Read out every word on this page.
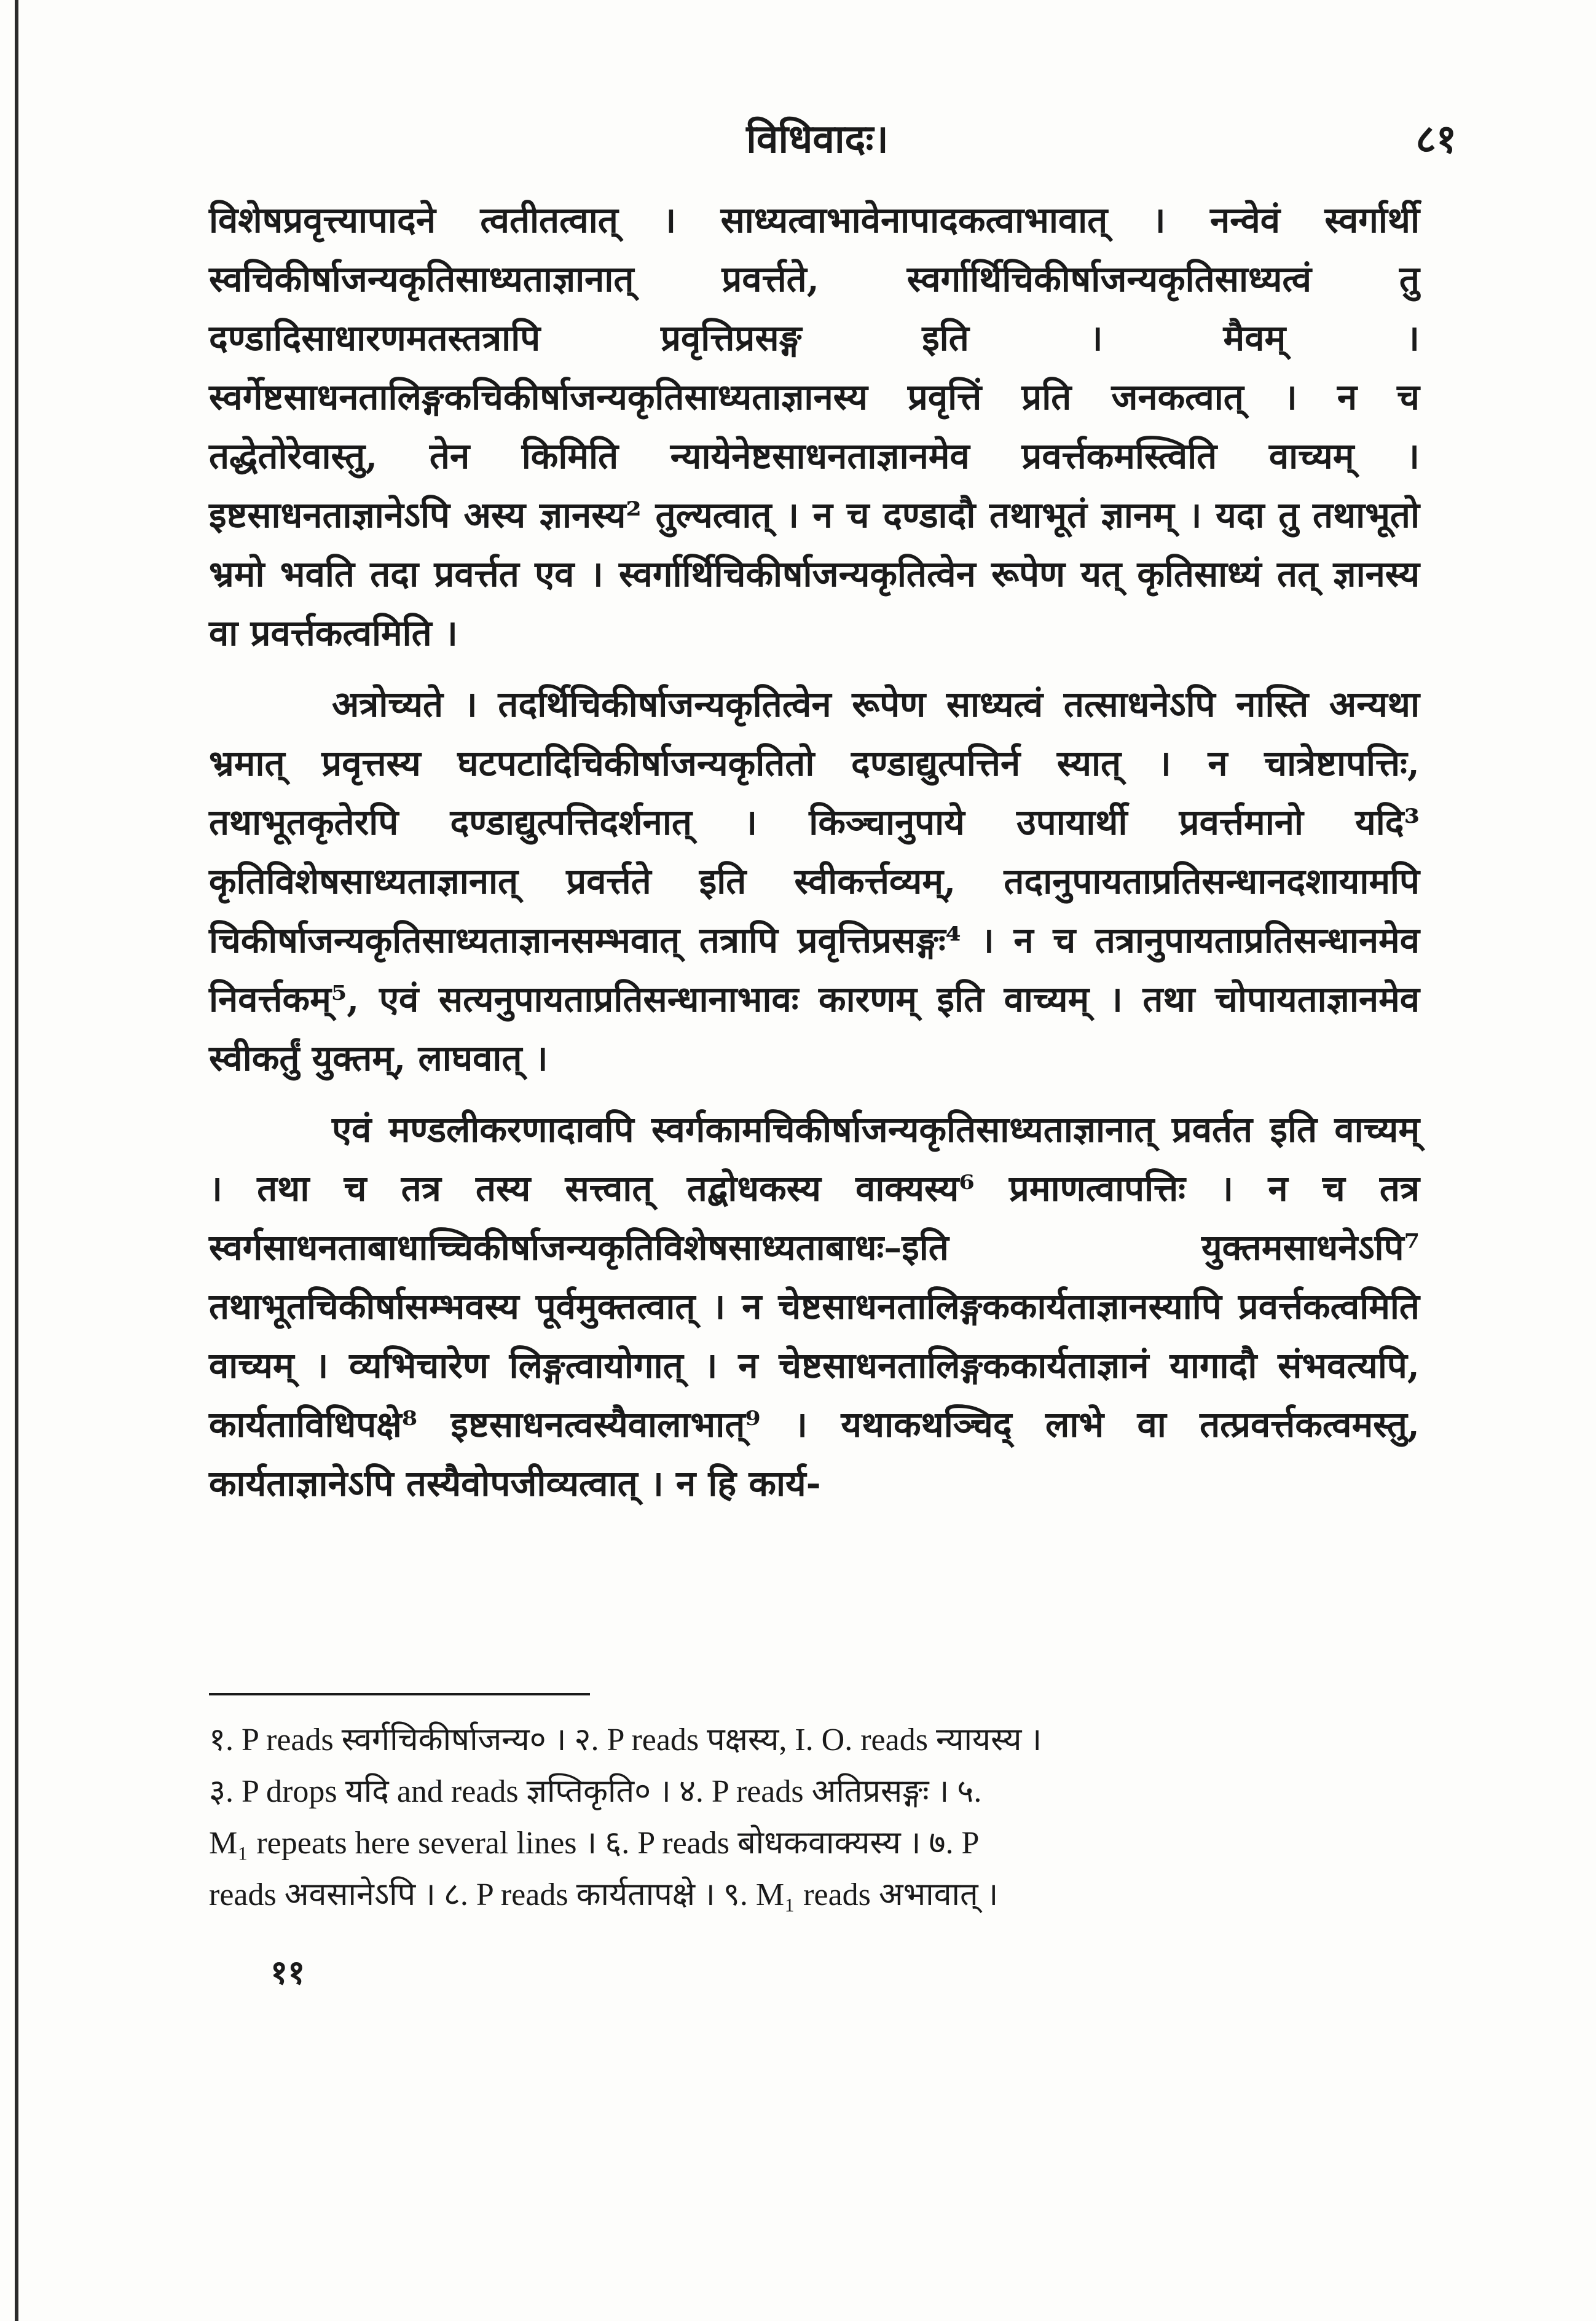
विधिवादः।	८१

विशेषप्रवृत्त्यापादने त्वतीतत्वात् । साध्यत्वाभावेनापादकत्वाभावात् । नन्वेवं स्वर्गार्थी स्वचिकीर्षाजन्यकृतिसाध्यताज्ञानात् प्रवर्त्तते, स्वर्गार्थिचिकीर्षाजन्यकृतिसाध्यत्वं तु दण्डादिसाधारणमतस्तत्रापि प्रवृत्तिप्रसङ्ग इति । मैवम् । स्वर्गेष्टसाधनतालिङ्गकचिकीर्षाजन्यकृतिसाध्यताज्ञानस्य प्रवृत्तिं प्रति जनकत्वात् । न च तद्धेतोरेवास्तु, तेन किमिति न्यायेनेष्टसाधनताज्ञानमेव प्रवर्त्तकमस्त्विति वाच्यम् । इष्टसाधनताज्ञानेऽपि अस्य ज्ञानस्य² तुल्यत्वात् । न च दण्डादौ तथाभूतं ज्ञानम् । यदा तु तथाभूतो भ्रमो भवति तदा प्रवर्त्तत एव । स्वर्गार्थिचिकीर्षाजन्यकृतित्वेन रूपेण यत् कृतिसाध्यं तत् ज्ञानस्य वा प्रवर्त्तकत्वमिति ।

अत्रोच्यते । तदर्थिचिकीर्षाजन्यकृतित्वेन रूपेण साध्यत्वं तत्साधनेऽपि नास्ति अन्यथा भ्रमात् प्रवृत्तस्य घटपटादिचिकीर्षाजन्यकृतितो दण्डाद्युत्पत्तिर्न स्यात् । न चात्रेष्टापत्तिः, तथाभूतकृतेरपि दण्डाद्युत्पत्तिदर्शनात् । किञ्चानुपाये उपायार्थी प्रवर्त्तमानो यदि³ कृतिविशेषसाध्यताज्ञानात् प्रवर्त्तते इति स्वीकर्त्तव्यम्, तदानुपायताप्रतिसन्धानदशायामपि चिकीर्षाजन्यकृतिसाध्यताज्ञानसम्भवात् तत्रापि प्रवृत्तिप्रसङ्गः⁴ । न च तत्रानुपायताप्रतिसन्धानमेव निवर्त्तकम्⁵, एवं सत्यनुपायताप्रतिसन्धानाभावः कारणम् इति वाच्यम् । तथा चोपायताज्ञानमेव स्वीकर्तुं युक्तम्, लाघवात् ।

एवं मण्डलीकरणादावपि स्वर्गकामचिकीर्षाजन्यकृतिसाध्यताज्ञानात् प्रवर्तत इति वाच्यम् । तथा च तत्र तस्य सत्त्वात् तद्बोधकस्य वाक्यस्य⁶ प्रमाणत्वापत्तिः । न च तत्र स्वर्गसाधनताबाधाच्चिकीर्षाजन्यकृतिविशेषसाध्यताबाधः–इति युक्तमसाधनेऽपि⁷ तथाभूतचिकीर्षासम्भवस्य पूर्वमुक्तत्वात् । न चेष्टसाधनतालिङ्गककार्यताज्ञानस्यापि प्रवर्त्तकत्वमिति वाच्यम् । व्यभिचारेण लिङ्गत्वायोगात् । न चेष्टसाधनतालिङ्गककार्यताज्ञानं यागादौ संभवत्यपि, कार्यताविधिपक्षे⁸ इष्टसाधनत्वस्यैवालाभात्⁹ । यथाकथञ्चिद् लाभे वा तत्प्रवर्त्तकत्वमस्तु, कार्यताज्ञानेऽपि तस्यैवोपजीव्यत्वात् । न हि कार्य-

१. P reads स्वर्गचिकीर्षाजन्य० । २. P reads पक्षस्य, I. O. reads न्यायस्य ।

३. P drops यदि and reads ज्ञप्तिकृति० । ४. P reads अतिप्रसङ्गः । ५.

M₁ repeats here several lines । ६. P reads बोधकवाक्यस्य । ७. P

reads अवसानेऽपि । ८. P reads कार्यतापक्षे । ९. M₁ reads अभावात् ।

११
